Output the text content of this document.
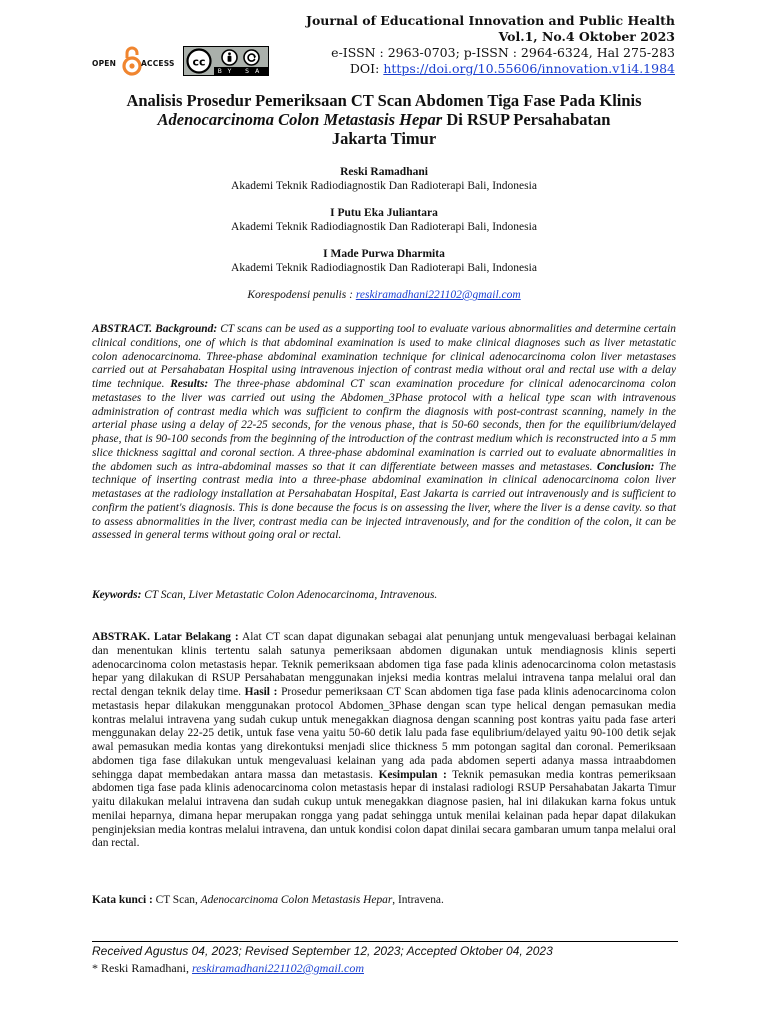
Journal of Educational Innovation and Public Health
Vol.1, No.4 Oktober 2023
e-ISSN : 2963-0703; p-ISSN : 2964-6324, Hal 275-283
DOI: https://doi.org/10.55606/innovation.v1i4.1984
OPEN	ACCESS cc
BY SA
Analisis Prosedur Pemeriksaan CT Scan Abdomen Tiga Fase Pada Klinis
Adenocarcinoma Colon Metastasis Hepar Di RSUP Persahabatan
Jakarta Timur
Reski Ramadhani
Akademi Teknik Radiodiagnostik Dan Radioterapi Bali, Indonesia
I Putu Eka Juliantara
Akademi Teknik Radiodiagnostik Dan Radioterapi Bali, Indonesia
I Made Purwa Dharmita
Akademi Teknik Radiodiagnostik Dan Radioterapi Bali, Indonesia
Korespodensi penulis : reskiramadhani221102@gmail.com
ABSTRACT. Background: CT scans can be used as a supporting tool to evaluate various abnormalities and determine certain clinical conditions, one of which is that abdominal examination is used to make clinical diagnoses such as liver metastatic colon adenocarcinoma. Three-phase abdominal examination technique for clinical adenocarcinoma colon liver metastases carried out at Persahabatan Hospital using intravenous injection of contrast media without oral and rectal use with a delay time technique. Results: The three-phase abdominal CT scan examination procedure for clinical adenocarcinoma colon metastases to the liver was carried out using the Abdomen_3Phase protocol with a helical type scan with intravenous administration of contrast media which was sufficient to confirm the diagnosis with post-contrast scanning, namely in the arterial phase using a delay of 22-25 seconds, for the venous phase, that is 50-60 seconds, then for the equilibrium/delayed phase, that is 90-100 seconds from the beginning of the introduction of the contrast medium which is reconstructed into a 5 mm slice thickness sagittal and coronal section. A three-phase abdominal examination is carried out to evaluate abnormalities in the abdomen such as intra-abdominal masses so that it can differentiate between masses and metastases. Conclusion: The technique of inserting contrast media into a three-phase abdominal examination in clinical adenocarcinoma colon liver metastases at the radiology installation at Persahabatan Hospital, East Jakarta is carried out intravenously and is sufficient to confirm the patient's diagnosis. This is done because the focus is on assessing the liver, where the liver is a dense cavity. so that to assess abnormalities in the liver, contrast media can be injected intravenously, and for the condition of the colon, it can be assessed in general terms without going oral or rectal.
Keywords: CT Scan, Liver Metastatic Colon Adenocarcinoma, Intravenous.
ABSTRAK. Latar Belakang : Alat CT scan dapat digunakan sebagai alat penunjang untuk mengevaluasi berbagai kelainan dan menentukan klinis tertentu salah satunya pemeriksaan abdomen digunakan untuk mendiagnosis klinis seperti adenocarcinoma colon metastasis hepar. Teknik pemeriksaan abdomen tiga fase pada klinis adenocarcinoma colon metastasis hepar yang dilakukan di RSUP Persahabatan menggunakan injeksi media kontras melalui intravena tanpa melalui oral dan rectal dengan teknik delay time. Hasil : Prosedur pemeriksaan CT Scan abdomen tiga fase pada klinis adenocarcinoma colon metastasis hepar dilakukan menggunakan protocol Abdomen_3Phase dengan scan type helical dengan pemasukan media kontras melalui intravena yang sudah cukup untuk menegakkan diagnosa dengan scanning post kontras yaitu pada fase arteri menggunakan delay 22-25 detik, untuk fase vena yaitu 50-60 detik lalu pada fase equlibrium/delayed yaitu 90-100 detik sejak awal pemasukan media kontas yang direkontuksi menjadi slice thickness 5 mm potongan sagital dan coronal. Pemeriksaan abdomen tiga fase dilakukan untuk mengevaluasi kelainan yang ada pada abdomen seperti adanya massa intraabdomen sehingga dapat membedakan antara massa dan metastasis. Kesimpulan : Teknik pemasukan media kontras pemeriksaan abdomen tiga fase pada klinis adenocarcinoma colon metastasis hepar di instalasi radiologi RSUP Persahabatan Jakarta Timur yaitu dilakukan melalui intravena dan sudah cukup untuk menegakkan diagnose pasien, hal ini dilakukan karna fokus untuk menilai heparnya, dimana hepar merupakan rongga yang padat sehingga untuk menilai kelainan pada hepar dapat dilakukan penginjeksian media kontras melalui intravena, dan untuk kondisi colon dapat dinilai secara gambaran umum tanpa melalui oral dan rectal.
Kata kunci : CT Scan, Adenocarcinoma Colon Metastasis Hepar, Intravena.
Received Agustus 04, 2023; Revised September 12, 2023; Accepted Oktober 04, 2023
* Reski Ramadhani, reskiramadhani221102@gmail.com
